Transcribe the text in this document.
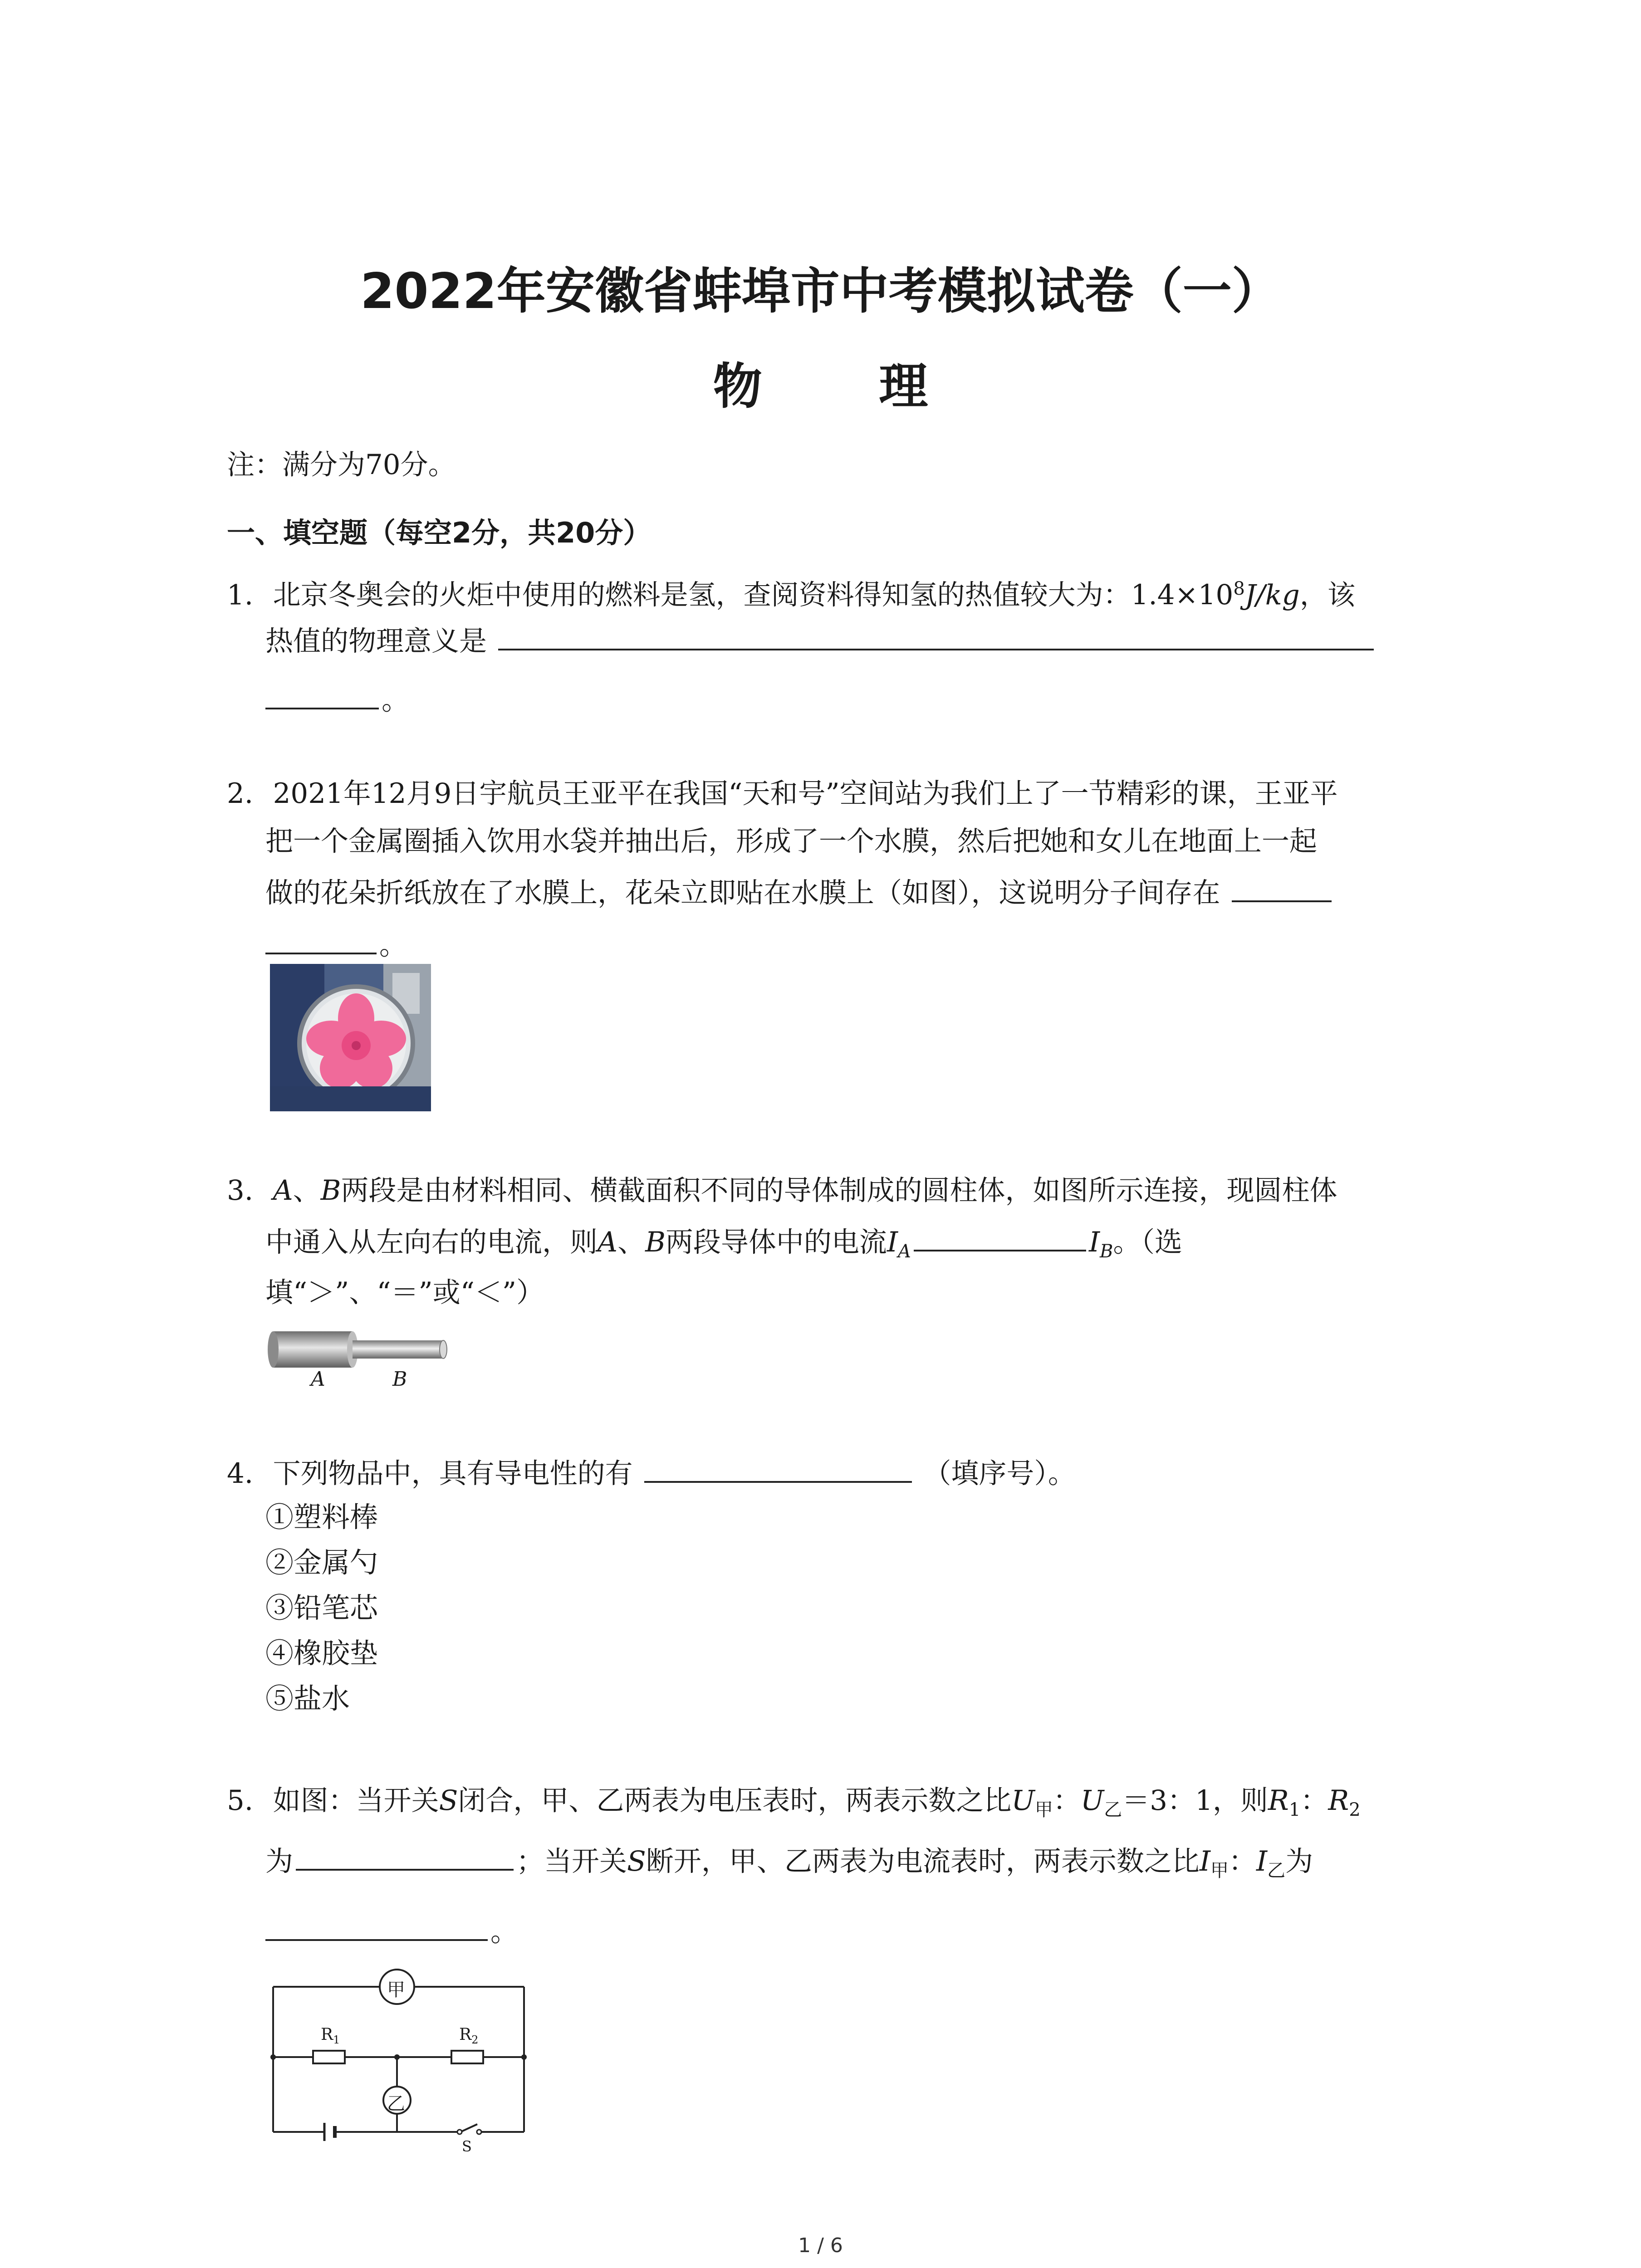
2022年安徽省蚌埠市中考模拟试卷（一）
物 理
注：满分为70分。
一、填空题（每空2分，共20分）
1. 北京冬奥会的火炬中使用的燃料是氢，查阅资料得知氢的热值较大为：$1.4\times 10^8J/kg$，该
热值的物理意义是
。
2. 2021年12月9日宇航员王亚平在我国“天和号”空间站为我们上了一节精彩的课，王亚平
把一个金属圈插入饮用水袋并抽出后，形成了一个水膜，然后把她和女儿在地面上一起
做的花朵折纸放在了水膜上，花朵立即贴在水膜上（如图），这说明分子间存在
。
3. A、B两段是由材料相同、横截面积不同的导体制成的圆柱体，如图所示连接，现圆柱体
中通入从左向右的电流，则A、B两段导体中的电流$I_A$	$I_B$。（选
填“＞”、“＝”或“＜”）
A	B
4. 下列物品中，具有导电性的有	（填序号）。
①塑料棒
②金属勺
③铅笔芯
④橡胶垫
⑤盐水
5. 如图：当开关S闭合，甲、乙两表为电压表时，两表示数之比$U_甲$：$U_乙=3$：1，则$R_1$：$R_2$
为	；当开关S断开，甲、乙两表为电流表时，两表示数之比$I_甲$：$I_乙$为
。
甲
乙
$R_1$	$R_2$
S
1 / 6
